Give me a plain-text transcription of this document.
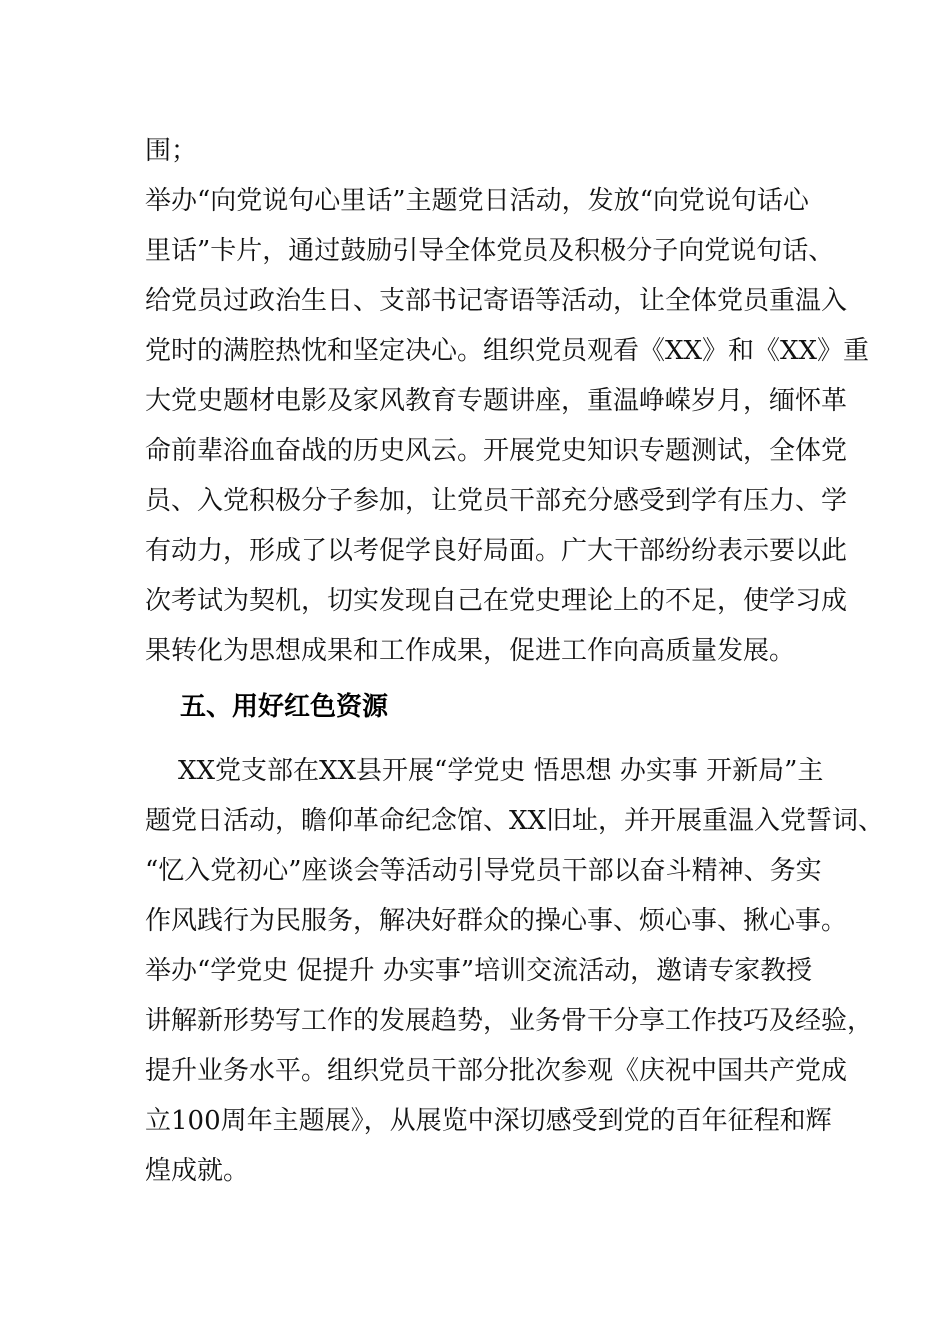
围；
举办“向党说句心里话”主题党日活动，发放“向党说句话心
里话”卡片，通过鼓励引导全体党员及积极分子向党说句话、
给党员过政治生日、支部书记寄语等活动，让全体党员重温入
党时的满腔热忱和坚定决心。组织党员观看《XX》和《XX》重
大党史题材电影及家风教育专题讲座，重温峥嵘岁月，缅怀革
命前辈浴血奋战的历史风云。开展党史知识专题测试，全体党
员、入党积极分子参加，让党员干部充分感受到学有压力、学
有动力，形成了以考促学良好局面。广大干部纷纷表示要以此
次考试为契机，切实发现自己在党史理论上的不足，使学习成
果转化为思想成果和工作成果，促进工作向高质量发展。
五、用好红色资源
XX党支部在XX县开展“学党史 悟思想 办实事 开新局”主
题党日活动，瞻仰革命纪念馆、XX旧址，并开展重温入党誓词、
“忆入党初心”座谈会等活动引导党员干部以奋斗精神、务实
作风践行为民服务，解决好群众的操心事、烦心事、揪心事。
举办“学党史 促提升 办实事”培训交流活动，邀请专家教授
讲解新形势写工作的发展趋势，业务骨干分享工作技巧及经验，
提升业务水平。组织党员干部分批次参观《庆祝中国共产党成
立100周年主题展》，从展览中深切感受到党的百年征程和辉
煌成就。
